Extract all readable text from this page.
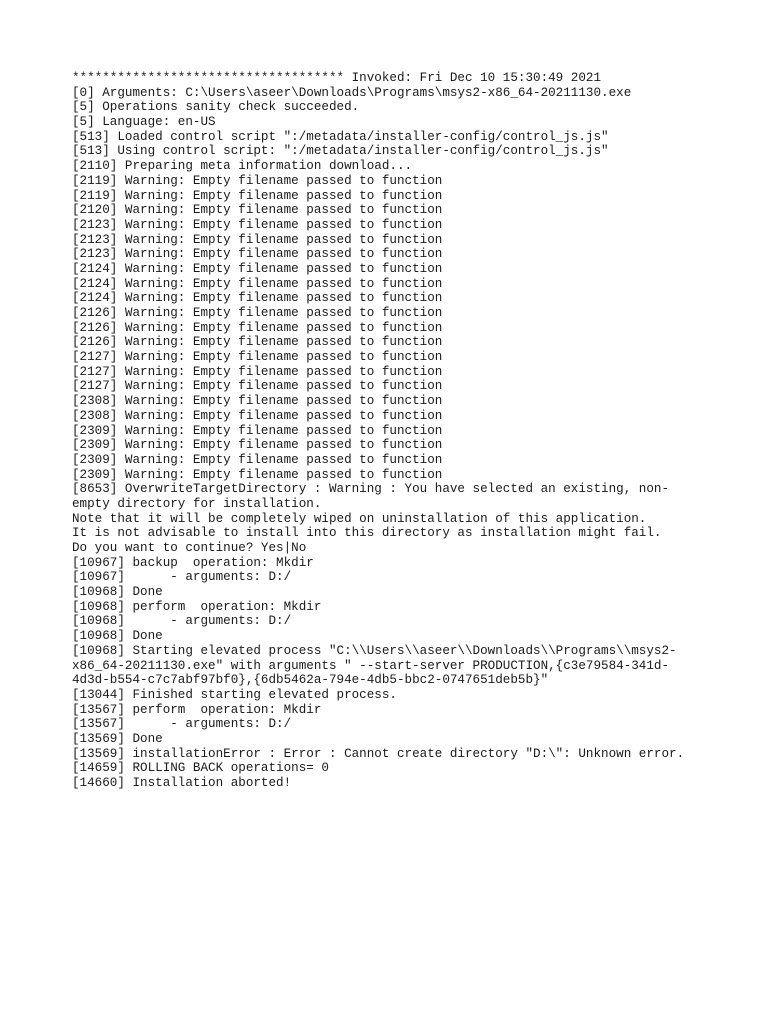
************************************ Invoked: Fri Dec 10 15:30:49 2021
[0] Arguments: C:\Users\aseer\Downloads\Programs\msys2-x86_64-20211130.exe
[5] Operations sanity check succeeded.
[5] Language: en-US
[513] Loaded control script ":/metadata/installer-config/control_js.js"
[513] Using control script: ":/metadata/installer-config/control_js.js"
[2110] Preparing meta information download...
[2119] Warning: Empty filename passed to function
[2119] Warning: Empty filename passed to function
[2120] Warning: Empty filename passed to function
[2123] Warning: Empty filename passed to function
[2123] Warning: Empty filename passed to function
[2123] Warning: Empty filename passed to function
[2124] Warning: Empty filename passed to function
[2124] Warning: Empty filename passed to function
[2124] Warning: Empty filename passed to function
[2126] Warning: Empty filename passed to function
[2126] Warning: Empty filename passed to function
[2126] Warning: Empty filename passed to function
[2127] Warning: Empty filename passed to function
[2127] Warning: Empty filename passed to function
[2127] Warning: Empty filename passed to function
[2308] Warning: Empty filename passed to function
[2308] Warning: Empty filename passed to function
[2309] Warning: Empty filename passed to function
[2309] Warning: Empty filename passed to function
[2309] Warning: Empty filename passed to function
[2309] Warning: Empty filename passed to function
[8653] OverwriteTargetDirectory : Warning : You have selected an existing, non-
empty directory for installation.
Note that it will be completely wiped on uninstallation of this application.
It is not advisable to install into this directory as installation might fail.
Do you want to continue? Yes|No
[10967] backup  operation: Mkdir
[10967]      - arguments: D:/
[10968] Done
[10968] perform  operation: Mkdir
[10968]      - arguments: D:/
[10968] Done
[10968] Starting elevated process "C:\\Users\\aseer\\Downloads\\Programs\\msys2-
x86_64-20211130.exe" with arguments " --start-server PRODUCTION,{c3e79584-341d-
4d3d-b554-c7c7abf97bf0},{6db5462a-794e-4db5-bbc2-0747651deb5b}"
[13044] Finished starting elevated process.
[13567] perform  operation: Mkdir
[13567]      - arguments: D:/
[13569] Done
[13569] installationError : Error : Cannot create directory "D:\": Unknown error.
[14659] ROLLING BACK operations= 0
[14660] Installation aborted!
